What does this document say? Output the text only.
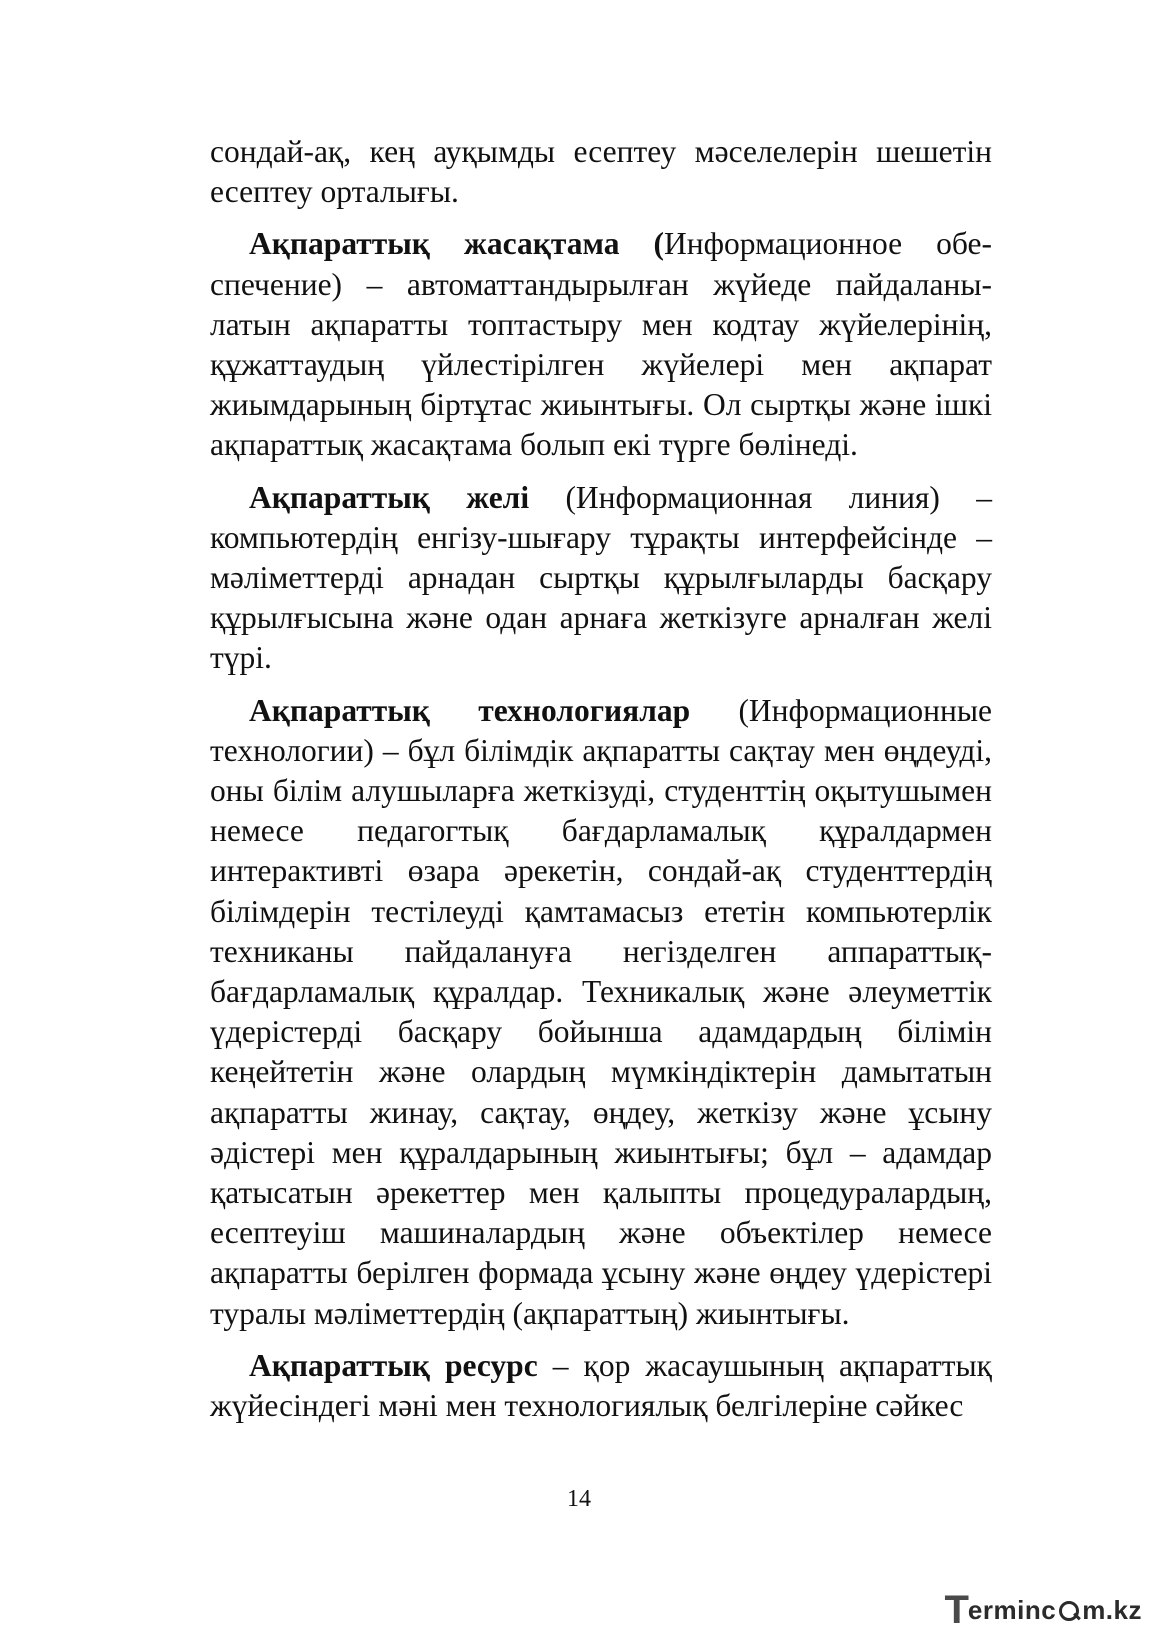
сондай-ақ, кең ауқымды есептеу мәселелерін шешетін есептеу орталығы.

Ақпараттық жасақтама (Информационное обеспечение) – автоматтандырылған жүйеде пайдаланылатын ақпаратты топтастыру мен кодтау жүйелерінің, құжаттаудың үйлестірілген жүйелері мен ақпарат жиымдарының біртұтас жиынтығы. Ол сыртқы және ішкі ақпараттық жасақтама болып екі түрге бөлінеді.

Ақпараттық желі (Информационная линия) – компьютердің енгізу-шығару тұрақты интерфейсінде – мәліметтерді арнадан сыртқы құрылғыларды басқару құрылғысына және одан арнаға жеткізуге арналған желі түрі.

Ақпараттық технологиялар (Информационные технологии) – бұл білімдік ақпаратты сақтау мен өңдеуді, оны білім алушыларға жеткізуді, студенттің оқытушымен немесе педагогтық бағдарламалық құралдармен интерактивті өзара әрекетін, сондай-ақ студенттердің білімдерін тестілеуді қамтамасыз ететін компьютерлік техниканы пайдалануға негізделген аппараттық-бағдарламалық құралдар. Техникалық және әлеуметтік үдерістерді басқару бойынша адамдардың білімін кеңейтетін және олардың мүмкіндіктерін дамытатын ақпаратты жинау, сақтау, өңдеу, жеткізу және ұсыну әдістері мен құралдарының жиынтығы; бұл – адамдар қатысатын әрекеттер мен қалыпты процедуралардың, есептеуіш машиналардың және объектілер немесе ақпаратты берілген формада ұсыну және өңдеу үдерістері туралы мәліметтердің (ақпараттың) жиынтығы.

Ақпараттық ресурс – қор жасаушының ақпараттық жүйесіндегі мәні мен технологиялық белгілеріне сәйкес

14
T ermin c m.kz
